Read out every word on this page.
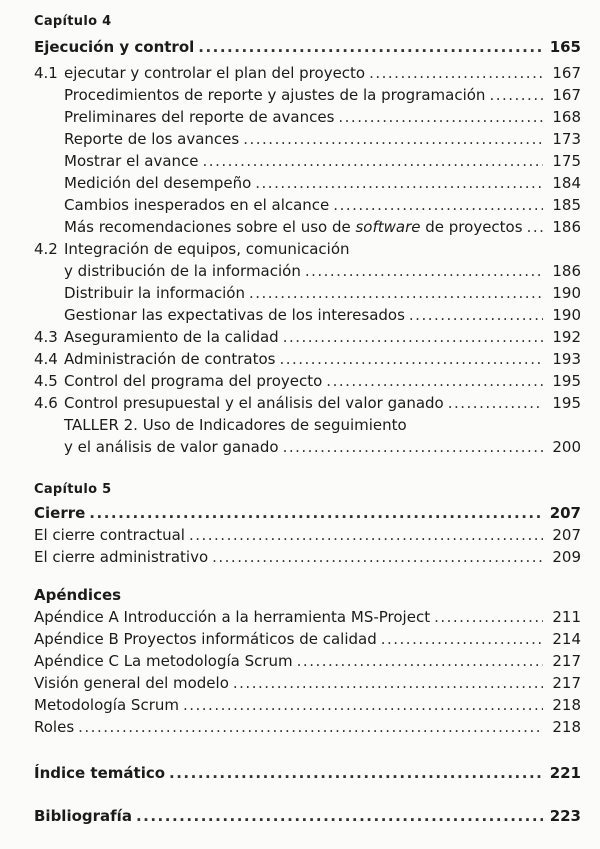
Capítulo 4
Ejecución y control .....	165
4.1 ejecutar y controlar el plan del proyecto .....	167
Procedimientos de reporte y ajustes de la programación .....	167
Preliminares del reporte de avances .....	168
Reporte de los avances .....	173
Mostrar el avance .....	175
Medición del desempeño .....	184
Cambios inesperados en el alcance .....	185
Más recomendaciones sobre el uso de software de proyectos .....	186
4.2 Integración de equipos, comunicación
y distribución de la información .....	186
Distribuir la información .....	190
Gestionar las expectativas de los interesados .....	190
4.3 Aseguramiento de la calidad .....	192
4.4 Administración de contratos .....	193
4.5 Control del programa del proyecto .....	195
4.6 Control presupuestal y el análisis del valor ganado .....	195
TALLER 2. Uso de Indicadores de seguimiento
y el análisis de valor ganado .....	200
Capítulo 5
Cierre .....	207
El cierre contractual .....	207
El cierre administrativo .....	209
Apéndices
Apéndice A Introducción a la herramienta MS-Project .....	211
Apéndice B Proyectos informáticos de calidad .....	214
Apéndice C La metodología Scrum .....	217
Visión general del modelo .....	217
Metodología Scrum .....	218
Roles .....	218
Índice temático .....	221
Bibliografía .....	223
